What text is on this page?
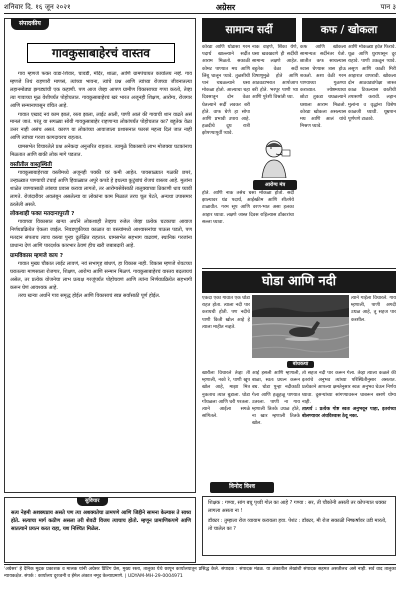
शनिवार दि. १६ जून २०२१	अग्रेसर	पान ३
संपादकीय
गावकुसाबाहेरचं वास्तव

गाव म्हणजे फक्त वाडा-शिवार, चावडी, मंदिर, शाळा, आणि ग्रामपंचायत कार्यालय नव्हे. गाव म्हणजे तिथं राहणारी माणसं, त्यांच्या भावना, त्यांचे प्रश्न आणि त्यांच्या रोजच्या जीवनातल्या लहानमोठ्या झगड्यांची एक कहाणी. पण आज जेव्हा आपण ग्रामीण विकासाच्या गप्पा करतो, तेव्हा त्या गावाच्या मूळ वेशीपर्यंत पोहोचतात. गावकुसाबाहेरचं खरं भारत अजूनही शिक्षण, आरोग्य, रोजगार आणि सन्मानापासून वंचित आहे.

गावात एखादं नवं काम झालं, रस्ता झाला, लाईट आली, पाणी आलं की गावाची शान वाढते असं मानलं जातं. परंतु या सगळ्या सोयी गावकुसाबाहेर राहणाऱ्या लोकांपर्यंत पोहोचतात का? बहुतेक वेळा उत्तर नाही असंच असतं. कारण या लोकांच्या आवाजाला प्रशासनात फारसं महत्त्व दिलं जात नाही आणि त्यांच्या गरजा कागदावरच राहतात.

ग्रामसभेत विचारलेले प्रश्न अनेकदा अनुत्तरित राहतात. त्यामुळे विकासाचे लाभ मोजक्या घटकांनाच मिळतात आणि बाकी लोक मागे पडतात.

वस्तीतील वास्तुस्थिती

गावकुसाबाहेरच्या वस्तीमध्ये अजूनही पक्की घरं कमी आहेत. पावसाळ्यात गळकी छपरं, उन्हाळ्यात पाण्याची टंचाई आणि हिवाळ्यात अपुरे कपडे हे इथल्या कुटुंबांचं रोजचं वास्तव आहे. मुलांना शाळेत जाण्यासाठी लांबचा प्रवास करावा लागतो, तर आरोग्यसेवेसाठी तालुक्याच्या ठिकाणी धाव घ्यावी लागते. रोजंदारीवर अवलंबून असलेल्या या लोकांना काम मिळालं तरच चूल पेटते, अन्यथा उपासमार ठरलेली असते.

लोकशाही फक्त मतदानापुरती ?

गावाच्या विकासात खऱ्या अर्थाने लोकशाही तेव्हाच रुजेल जेव्हा प्रत्येक घटकाचा आवाज निर्णयप्रक्रियेत ऐकला जाईल. निवडणुकीच्या काळात या वस्त्यांमध्ये आश्वासनांचा पाऊस पडतो, पण मतदान संपताच त्याच वस्त्या पुन्हा दुर्लक्षित राहतात. ग्रामसभेत सहभाग वाढवणं, स्थानिक गरजांना प्राधान्य देणं आणि पारदर्शक कारभार ठेवणं हीच खरी जबाबदारी आहे.

ग्रामविकास म्हणजे काय ?

गावात मुख्य चौकात लाईट लावणं, नवं सभागृह बांधणं, हा विकास नाही. विकास म्हणजे शेवटच्या घरातल्या माणसाला रोजगार, शिक्षण, आरोग्य आणि सन्मान मिळणं. गावकुसाबाहेरचं वास्तव बदलायचं असेल, तर प्रत्येक योजनेचा लाभ प्रत्यक्ष गरजूंपर्यंत पोहोचवणं आणि त्यांना निर्णयप्रक्रियेत सहभागी करून घेणं आवश्यक आहे.

तरच खऱ्या अर्थाने गाव समृद्ध होईल आणि विकासाचं स्वप्न सर्वांसाठी पूर्ण होईल.

सुविचार
सत्य नेहमी अशक्यप्राय असते पण त्या अशक्यतेचा ठामपणे आणि जिद्दीने सामना केल्यास ते साध्य होते. सत्याचा मार्ग कठीण असला तरी शेवटी विजय त्याचाच होतो. म्हणून प्रामाणिकपणे आणि सातत्याने प्रयत्न करत राहा, यश निश्चित मिळेल.
सामान्य सर्दी	कफ / खोकला
कोरडा आणि थोडासा गरम पदार्थ खाल्ल्याने सर्दीत आराम मिळतो. सकाळी कोमट पाण्यात मध आणि लिंबू घालून प्यावे. तुळशीची पानं चघळल्याने घसा मोकळा होतो. आल्याचा चहा दिवसातून दोन वेळा घेतल्याने सर्दी लवकर बरी होते. वाफ घेणे हा सोपा आणि प्रभावी उपाय आहे. हळदीचे दूध रात्री झोपण्यापूर्वी प्यावे.
नाक वाहणे, शिंका येणे, घसा खवखवणे ही सर्दीची सामान्य लक्षणे आहेत. बहुतेक वेळा सर्दी विषाणूमुळे होते आणि आठवडाभरात आपोआप बरी होते. भरपूर पाणी प्या आणि पुरेशी विश्रांती घ्या.
आरोग्य मंत्र
होते. आणि नाक तसेच घसा मोकळा होतो. सर्दी झाल्यावर थंड पदार्थ, आईस्क्रीम आणि शीतपेये टाळावीत. गरम सूप आणि वरण-भात असा हलका आहार घ्यावा. लक्षणे जास्त दिवस राहिल्यास डॉक्टरांचा सल्ला घ्यावा.
कफ आणि खोकला सामान्यतः सर्दीनंतर येतो. छातीत कफ साचल्यास श्वास घेण्यास त्रास होऊ शकतो. अशा वेळी गरम पाण्याच्या गुळण्या कराव्यात. ज्येष्ठमधाचा छोटा तुकडा चघळल्याने घशाला आराम मिळतो. कोरडा खोकला असल्यास मध आणि आलं यांचे मिश्रण घ्यावे.
आणि मोकळ्या हवेत फिरावे. धूळ आणि धुरापासून दूर राहावे. पाणी उकळून प्यावे. लसूण आणि काळी मिरी आहारात वापरावी. खोकला दोन आठवड्यांपेक्षा जास्त काळ टिकल्यास छातीची तपासणी करावी. लहान मुलांना व वृद्धांना विशेष काळजी घ्यावी. धूम्रपान पूर्णपणे टाळावे.
घोडा आणि नदी
एकदा एका गावात एक घोडा राहत होता. त्याला नदी पार करायची होती. पण नदीचे पाणी किती खोल आहे हे त्याला माहीत नव्हते.
त्याने गाईला विचारले. गाय म्हणाली, पाणी अगदी उथळ आहे, तू सहज पार करशील.
बोधकथा
खारीला विचारले तेव्हा ती म्हणाली, नको रे, पाणी खूप खोल आहे, माझा मित्र नुकताच त्यात बुडाला. घोडा गोंधळला आणि घरी परतला. त्याने आईला सगळे सांगितले.
आई हसली आणि म्हणाली, बाळा, स्वतः प्रयत्न करून बघ. घोडा पुन्हा नदीकाठी गेला आणि हळूहळू पाण्यात उतरला. पाणी ना गाय म्हणाली तितके उथळ होते, ना खार म्हणाली तितके खोल.
तो सहज नदी पार करून गेला. तेव्हा त्याला कळले की इतरांचे अनुभव त्यांच्या परिस्थितीनुसार असतात. प्रत्येकाने आपल्या क्षमतेनुसार स्वतः अनुभव घेऊन निर्णय घ्यावा. दुसऱ्यांच्या सांगण्यावरून घाबरून बसणे योग्य नाही.
तात्पर्य : प्रत्येक गोष्ट स्वतः अनुभवून पाहा, इतरांच्या बोलण्यावर अंधविश्वास ठेवू नका.
विनोद विश्व
शिक्षक : गण्या, सांग बघू पृथ्वी गोल का आहे ? गण्या : सर, ती चौकोनी असती तर कोपऱ्यात धक्का लागला असता ना !
डॉक्टर : तुम्हाला रोज व्यायाम करायला हवा. पेशंट : डॉक्टर, मी रोज सकाळी निष्कर्षांवर उडी मारतो, तो चालेल का ?
'अग्रेसर' हे दैनिक मुद्रक प्रकाशक व मालक यांनी अग्रेसर प्रिंटिंग प्रेस, मुख्य रस्ता, तालुका येथे छापून कार्यालयातून प्रसिद्ध केले. संपादक : संपादक मंडळ. या अंकातील लेखांशी संपादक सहमत असतीलच असे नाही. सर्व वाद तालुका न्यायकक्षेत. संपर्क : कार्यालय दूरध्वनी व ईमेल अंकात नमूद केल्याप्रमाणे. | UDYAM-MH-29-0004971
